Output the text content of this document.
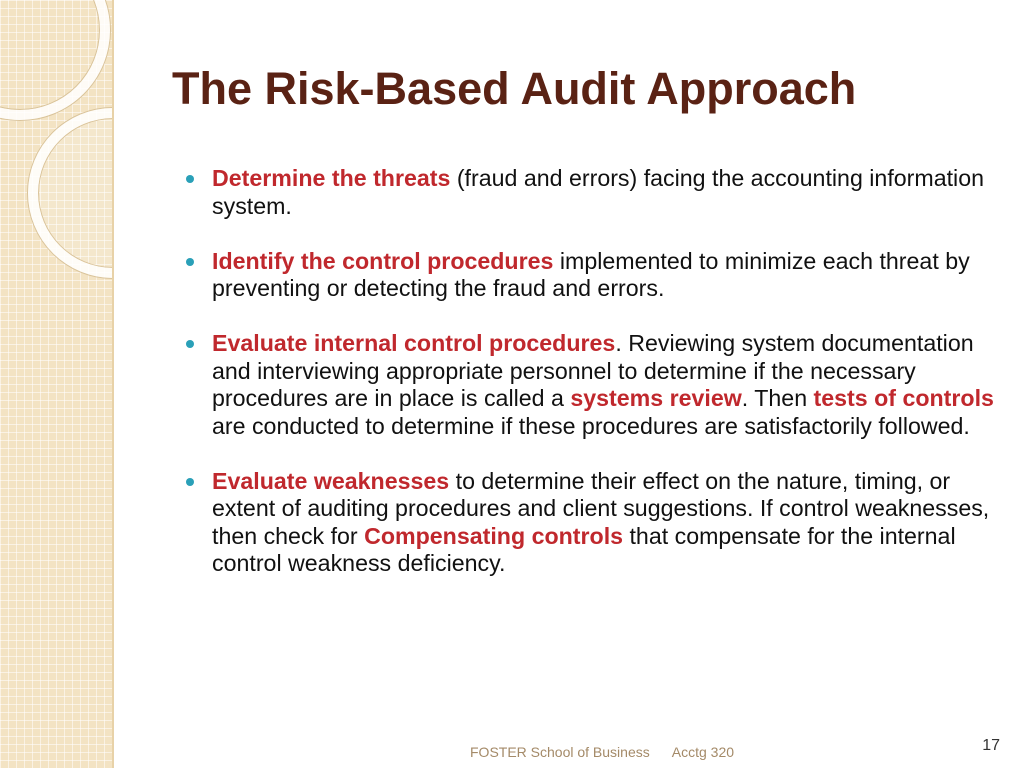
The Risk-Based Audit Approach
Determine the threats (fraud and errors) facing the accounting information system.
Identify the control procedures implemented to minimize each threat by preventing or detecting the fraud and errors.
Evaluate internal control procedures. Reviewing system documentation and interviewing appropriate personnel to determine if the necessary procedures are in place is called a systems review. Then tests of controls are conducted to determine if these procedures are satisfactorily followed.
Evaluate weaknesses to determine their effect on the nature, timing, or extent of auditing procedures and client suggestions. If control weaknesses, then check for Compensating controls that compensate for the internal control weakness deficiency.
FOSTER School of Business Acctg 320	17
